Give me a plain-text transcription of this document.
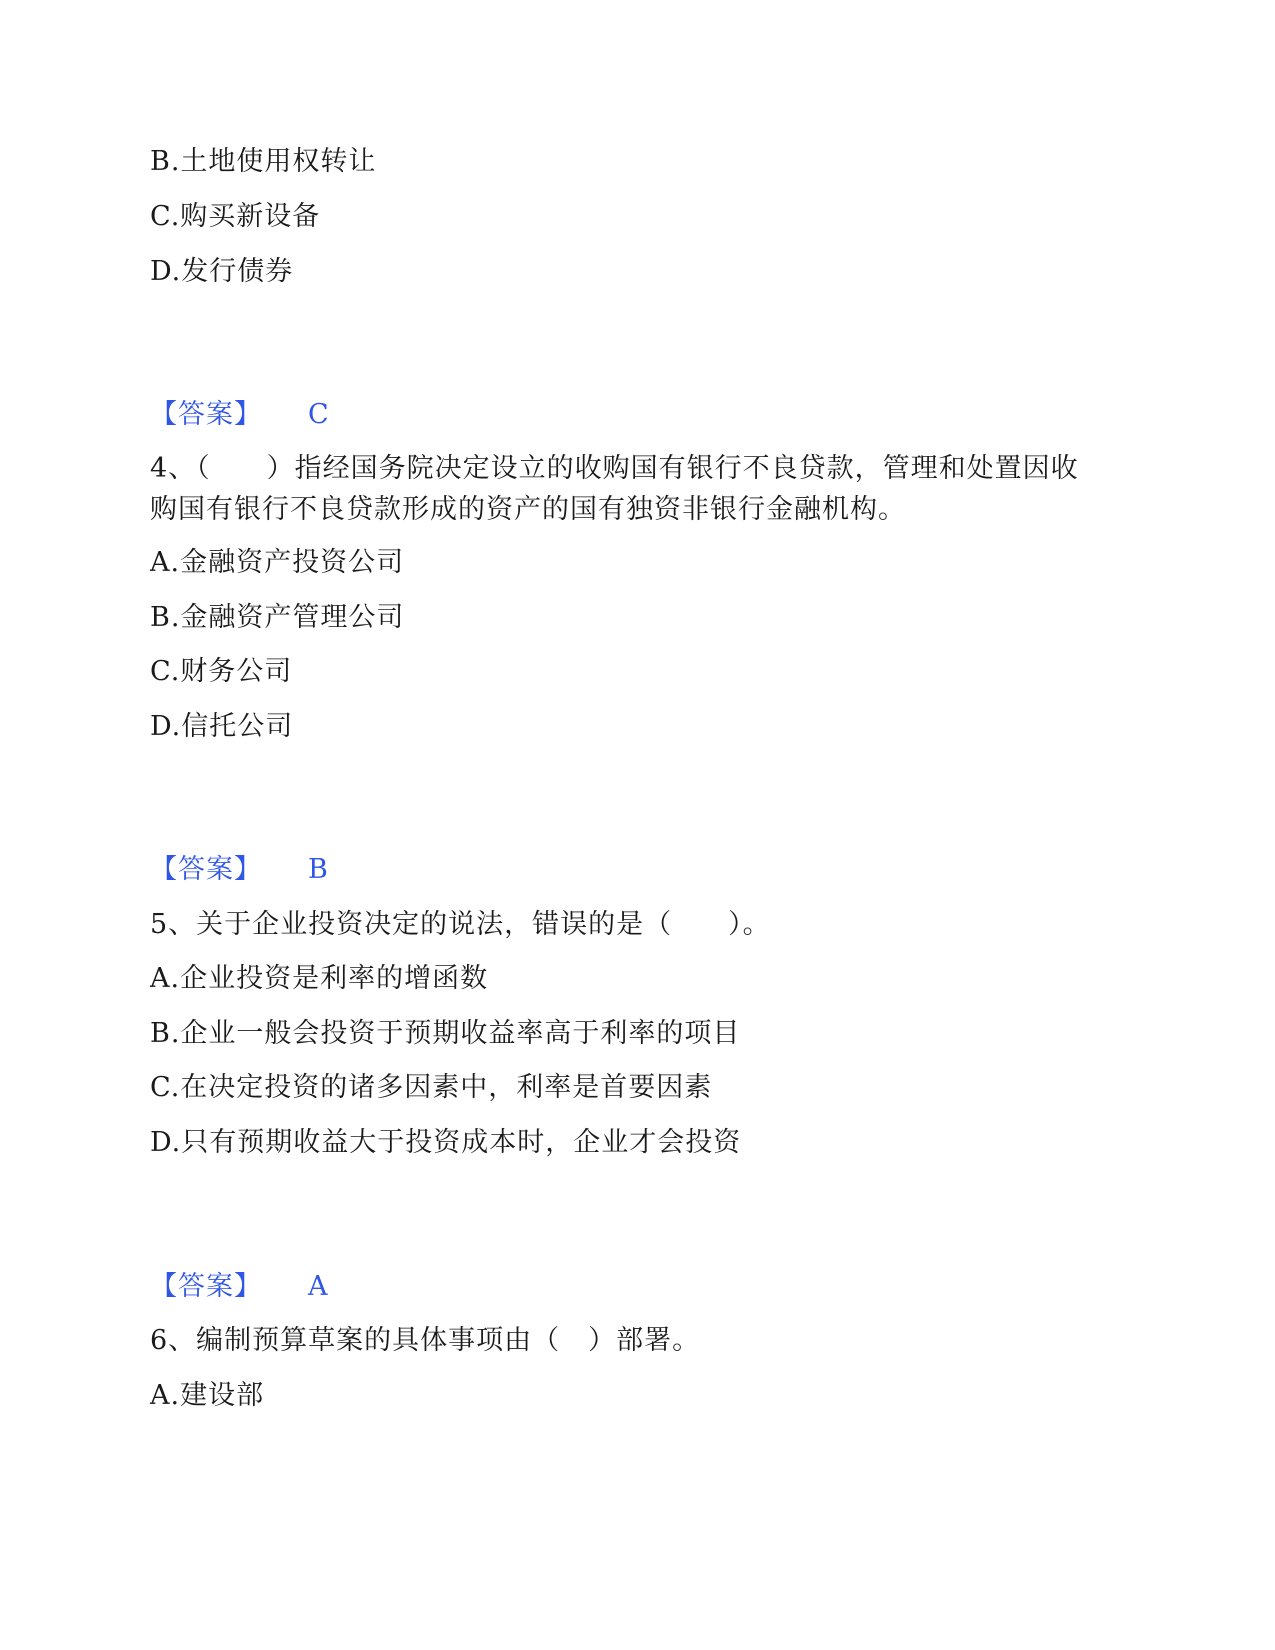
B.土地使用权转让
C.购买新设备
D.发行债券
【答案】 C
4、（　　）指经国务院决定设立的收购国有银行不良贷款，管理和处置因收
购国有银行不良贷款形成的资产的国有独资非银行金融机构。
A.金融资产投资公司
B.金融资产管理公司
C.财务公司
D.信托公司
【答案】 B
5、关于企业投资决定的说法，错误的是（　　）。
A.企业投资是利率的增函数
B.企业一般会投资于预期收益率高于利率的项目
C.在决定投资的诸多因素中，利率是首要因素
D.只有预期收益大于投资成本时，企业才会投资
【答案】 A
6、编制预算草案的具体事项由（　）部署。
A.建设部
